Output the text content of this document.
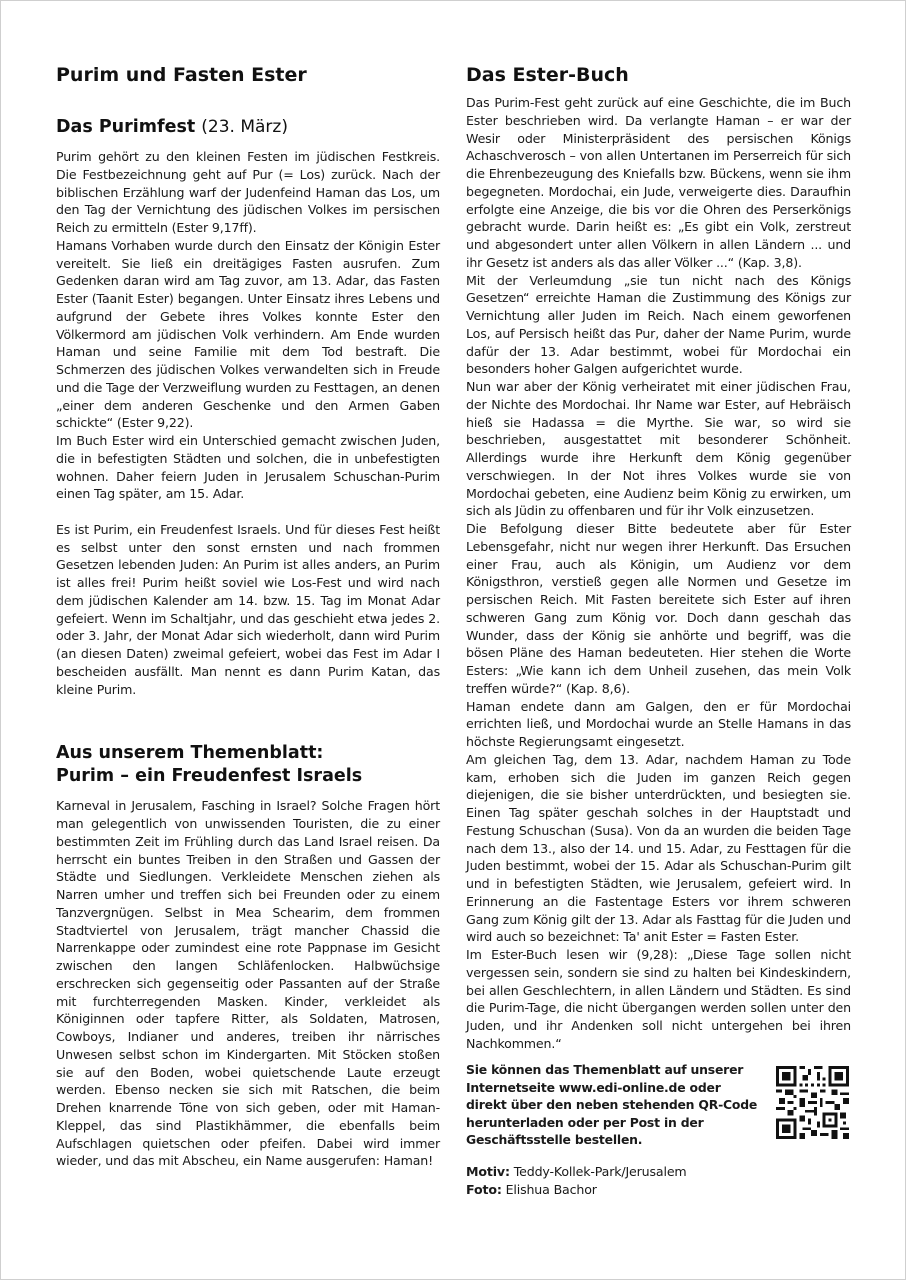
Purim und Fasten Ester
Das Purimfest (23. März)

Purim gehört zu den kleinen Festen im jüdischen Festkreis. Die Festbezeichnung geht auf Pur (= Los) zurück. Nach der biblischen Erzählung warf der Judenfeind Haman das Los, um den Tag der Vernichtung des jüdischen Volkes im persischen Reich zu ermitteln (Ester 9,17ff).

Hamans Vorhaben wurde durch den Einsatz der Königin Ester vereitelt. Sie ließ ein dreitägiges Fasten ausrufen. Zum Gedenken daran wird am Tag zuvor, am 13. Adar, das Fasten Ester (Taanit Ester) begangen. Unter Einsatz ihres Lebens und aufgrund der Gebete ihres Volkes konnte Ester den Völkermord am jüdischen Volk verhindern. Am Ende wurden Haman und seine Familie mit dem Tod bestraft. Die Schmerzen des jüdischen Volkes verwandelten sich in Freude und die Tage der Verzweiflung wurden zu Festtagen, an denen „einer dem anderen Geschenke und den Armen Gaben schickte“ (Ester 9,22).

Im Buch Ester wird ein Unterschied gemacht zwischen Juden, die in befestigten Städten und solchen, die in unbefestigten wohnen. Daher feiern Juden in Jerusalem Schuschan-Purim einen Tag später, am 15. Adar.

Es ist Purim, ein Freudenfest Israels. Und für dieses Fest heißt es selbst unter den sonst ernsten und nach frommen Gesetzen lebenden Juden: An Purim ist alles anders, an Purim ist alles frei! Purim heißt soviel wie Los-Fest und wird nach dem jüdischen Kalender am 14. bzw. 15. Tag im Monat Adar gefeiert. Wenn im Schaltjahr, und das geschieht etwa jedes 2. oder 3. Jahr, der Monat Adar sich wiederholt, dann wird Purim (an diesen Daten) zweimal gefeiert, wobei das Fest im Adar I bescheiden ausfällt. Man nennt es dann Purim Katan, das kleine Purim.

Aus unserem Themenblatt:
Purim – ein Freudenfest Israels

Karneval in Jerusalem, Fasching in Israel? Solche Fragen hört man gelegentlich von unwissenden Touristen, die zu einer bestimmten Zeit im Frühling durch das Land Israel reisen. Da herrscht ein buntes Treiben in den Straßen und Gassen der Städte und Siedlungen. Verkleidete Menschen ziehen als Narren umher und treffen sich bei Freunden oder zu einem Tanzvergnügen. Selbst in Mea Schearim, dem frommen Stadtviertel von Jerusalem, trägt mancher Chassid die Narrenkappe oder zumindest eine rote Pappnase im Gesicht zwischen den langen Schläfenlocken. Halbwüchsige erschrecken sich gegenseitig oder Passanten auf der Straße mit furchterregenden Masken. Kinder, verkleidet als Königinnen oder tapfere Ritter, als Soldaten, Matrosen, Cowboys, Indianer und anderes, treiben ihr närrisches Unwesen selbst schon im Kindergarten. Mit Stöcken stoßen sie auf den Boden, wobei quietschende Laute erzeugt werden. Ebenso necken sie sich mit Ratschen, die beim Drehen knarrende Töne von sich geben, oder mit Haman-Kleppel, das sind Plastikhämmer, die ebenfalls beim Aufschlagen quietschen oder pfeifen. Dabei wird immer wieder, und das mit Abscheu, ein Name ausgerufen: Haman!

Das Ester-Buch

Das Purim-Fest geht zurück auf eine Geschichte, die im Buch Ester beschrieben wird. Da verlangte Haman – er war der Wesir oder Ministerpräsident des persischen Königs Achaschverosch – von allen Untertanen im Perserreich für sich die Ehrenbezeugung des Kniefalls bzw. Bückens, wenn sie ihm begegneten. Mordochai, ein Jude, verweigerte dies. Daraufhin erfolgte eine Anzeige, die bis vor die Ohren des Perserkönigs gebracht wurde. Darin heißt es: „Es gibt ein Volk, zerstreut und abgesondert unter allen Völkern in allen Ländern ... und ihr Gesetz ist anders als das aller Völker ...“ (Kap. 3,8).

Mit der Verleumdung „sie tun nicht nach des Königs Gesetzen“ erreichte Haman die Zustimmung des Königs zur Vernichtung aller Juden im Reich. Nach einem geworfenen Los, auf Persisch heißt das Pur, daher der Name Purim, wurde dafür der 13. Adar bestimmt, wobei für Mordochai ein besonders hoher Galgen aufgerichtet wurde.

Nun war aber der König verheiratet mit einer jüdischen Frau, der Nichte des Mordochai. Ihr Name war Ester, auf Hebräisch hieß sie Hadassa = die Myrthe. Sie war, so wird sie beschrieben, ausgestattet mit besonderer Schönheit. Allerdings wurde ihre Herkunft dem König gegenüber verschwiegen. In der Not ihres Volkes wurde sie von Mordochai gebeten, eine Audienz beim König zu erwirken, um sich als Jüdin zu offenbaren und für ihr Volk einzusetzen.

Die Befolgung dieser Bitte bedeutete aber für Ester Lebensgefahr, nicht nur wegen ihrer Herkunft. Das Ersuchen einer Frau, auch als Königin, um Audienz vor dem Königsthron, verstieß gegen alle Normen und Gesetze im persischen Reich. Mit Fasten bereitete sich Ester auf ihren schweren Gang zum König vor. Doch dann geschah das Wunder, dass der König sie anhörte und begriff, was die bösen Pläne des Haman bedeuteten. Hier stehen die Worte Esters: „Wie kann ich dem Unheil zusehen, das mein Volk treffen würde?“ (Kap. 8,6).

Haman endete dann am Galgen, den er für Mordochai errichten ließ, und Mordochai wurde an Stelle Hamans in das höchste Regierungsamt eingesetzt.

Am gleichen Tag, dem 13. Adar, nachdem Haman zu Tode kam, erhoben sich die Juden im ganzen Reich gegen diejenigen, die sie bisher unterdrückten, und besiegten sie. Einen Tag später geschah solches in der Hauptstadt und Festung Schuschan (Susa). Von da an wurden die beiden Tage nach dem 13., also der 14. und 15. Adar, zu Festtagen für die Juden bestimmt, wobei der 15. Adar als Schuschan-Purim gilt und in befestigten Städten, wie Jerusalem, gefeiert wird. In Erinnerung an die Fastentage Esters vor ihrem schweren Gang zum König gilt der 13. Adar als Fasttag für die Juden und wird auch so bezeichnet: Ta' anit Ester = Fasten Ester.

Im Ester-Buch lesen wir (9,28): „Diese Tage sollen nicht vergessen sein, sondern sie sind zu halten bei Kindeskindern, bei allen Geschlechtern, in allen Ländern und Städten. Es sind die Purim-Tage, die nicht übergangen werden sollen unter den Juden, und ihr Andenken soll nicht untergehen bei ihren Nachkommen.“

Sie können das Themenblatt auf unserer Internetseite www.edi-online.de oder direkt über den neben stehenden QR-Code herunterladen oder per Post in der Geschäftsstelle bestellen.

Motiv: Teddy-Kollek-Park/Jerusalem

Foto: Elishua Bachor
